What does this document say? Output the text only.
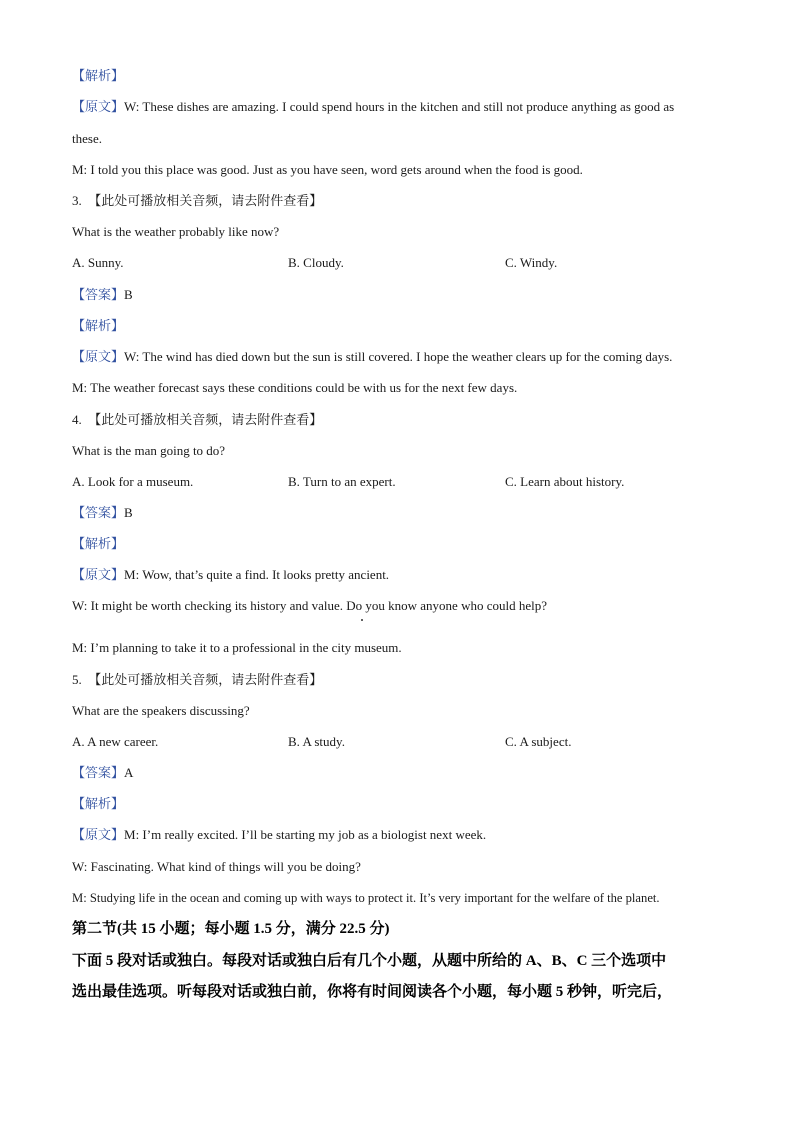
【解析】
【原文】W: These dishes are amazing. I could spend hours in the kitchen and still not produce anything as good as
these.
M: I told you this place was good. Just as you have seen, word gets around when the food is good.
3. 【此处可播放相关音频，请去附件查看】
What is the weather probably like now?
A. Sunny.	B. Cloudy.	C. Windy.
【答案】B
【解析】
【原文】W: The wind has died down but the sun is still covered. I hope the weather clears up for the coming days.
M: The weather forecast says these conditions could be with us for the next few days.
4. 【此处可播放相关音频，请去附件查看】
What is the man going to do?
A. Look for a museum.	B. Turn to an expert.	C. Learn about history.
【答案】B
【解析】
【原文】M: Wow, that’s quite a find. It looks pretty ancient.
W: It might be worth checking its history and value. Do you know anyone who could help?
M: I’m planning to take it to a professional in the city museum.
5. 【此处可播放相关音频，请去附件查看】
What are the speakers discussing?
A. A new career.	B. A study.	C. A subject.
【答案】A
【解析】
【原文】M: I’m really excited. I’ll be starting my job as a biologist next week.
W: Fascinating. What kind of things will you be doing?
M: Studying life in the ocean and coming up with ways to protect it. It’s very important for the welfare of the planet.
第二节(共 15 小题；每小题 1.5 分，满分 22.5 分)
下面 5 段对话或独白。每段对话或独白后有几个小题，从题中所给的 A、B、C 三个选项中
选出最佳选项。听每段对话或独白前，你将有时间阅读各个小题，每小题 5 秒钟，听完后，
